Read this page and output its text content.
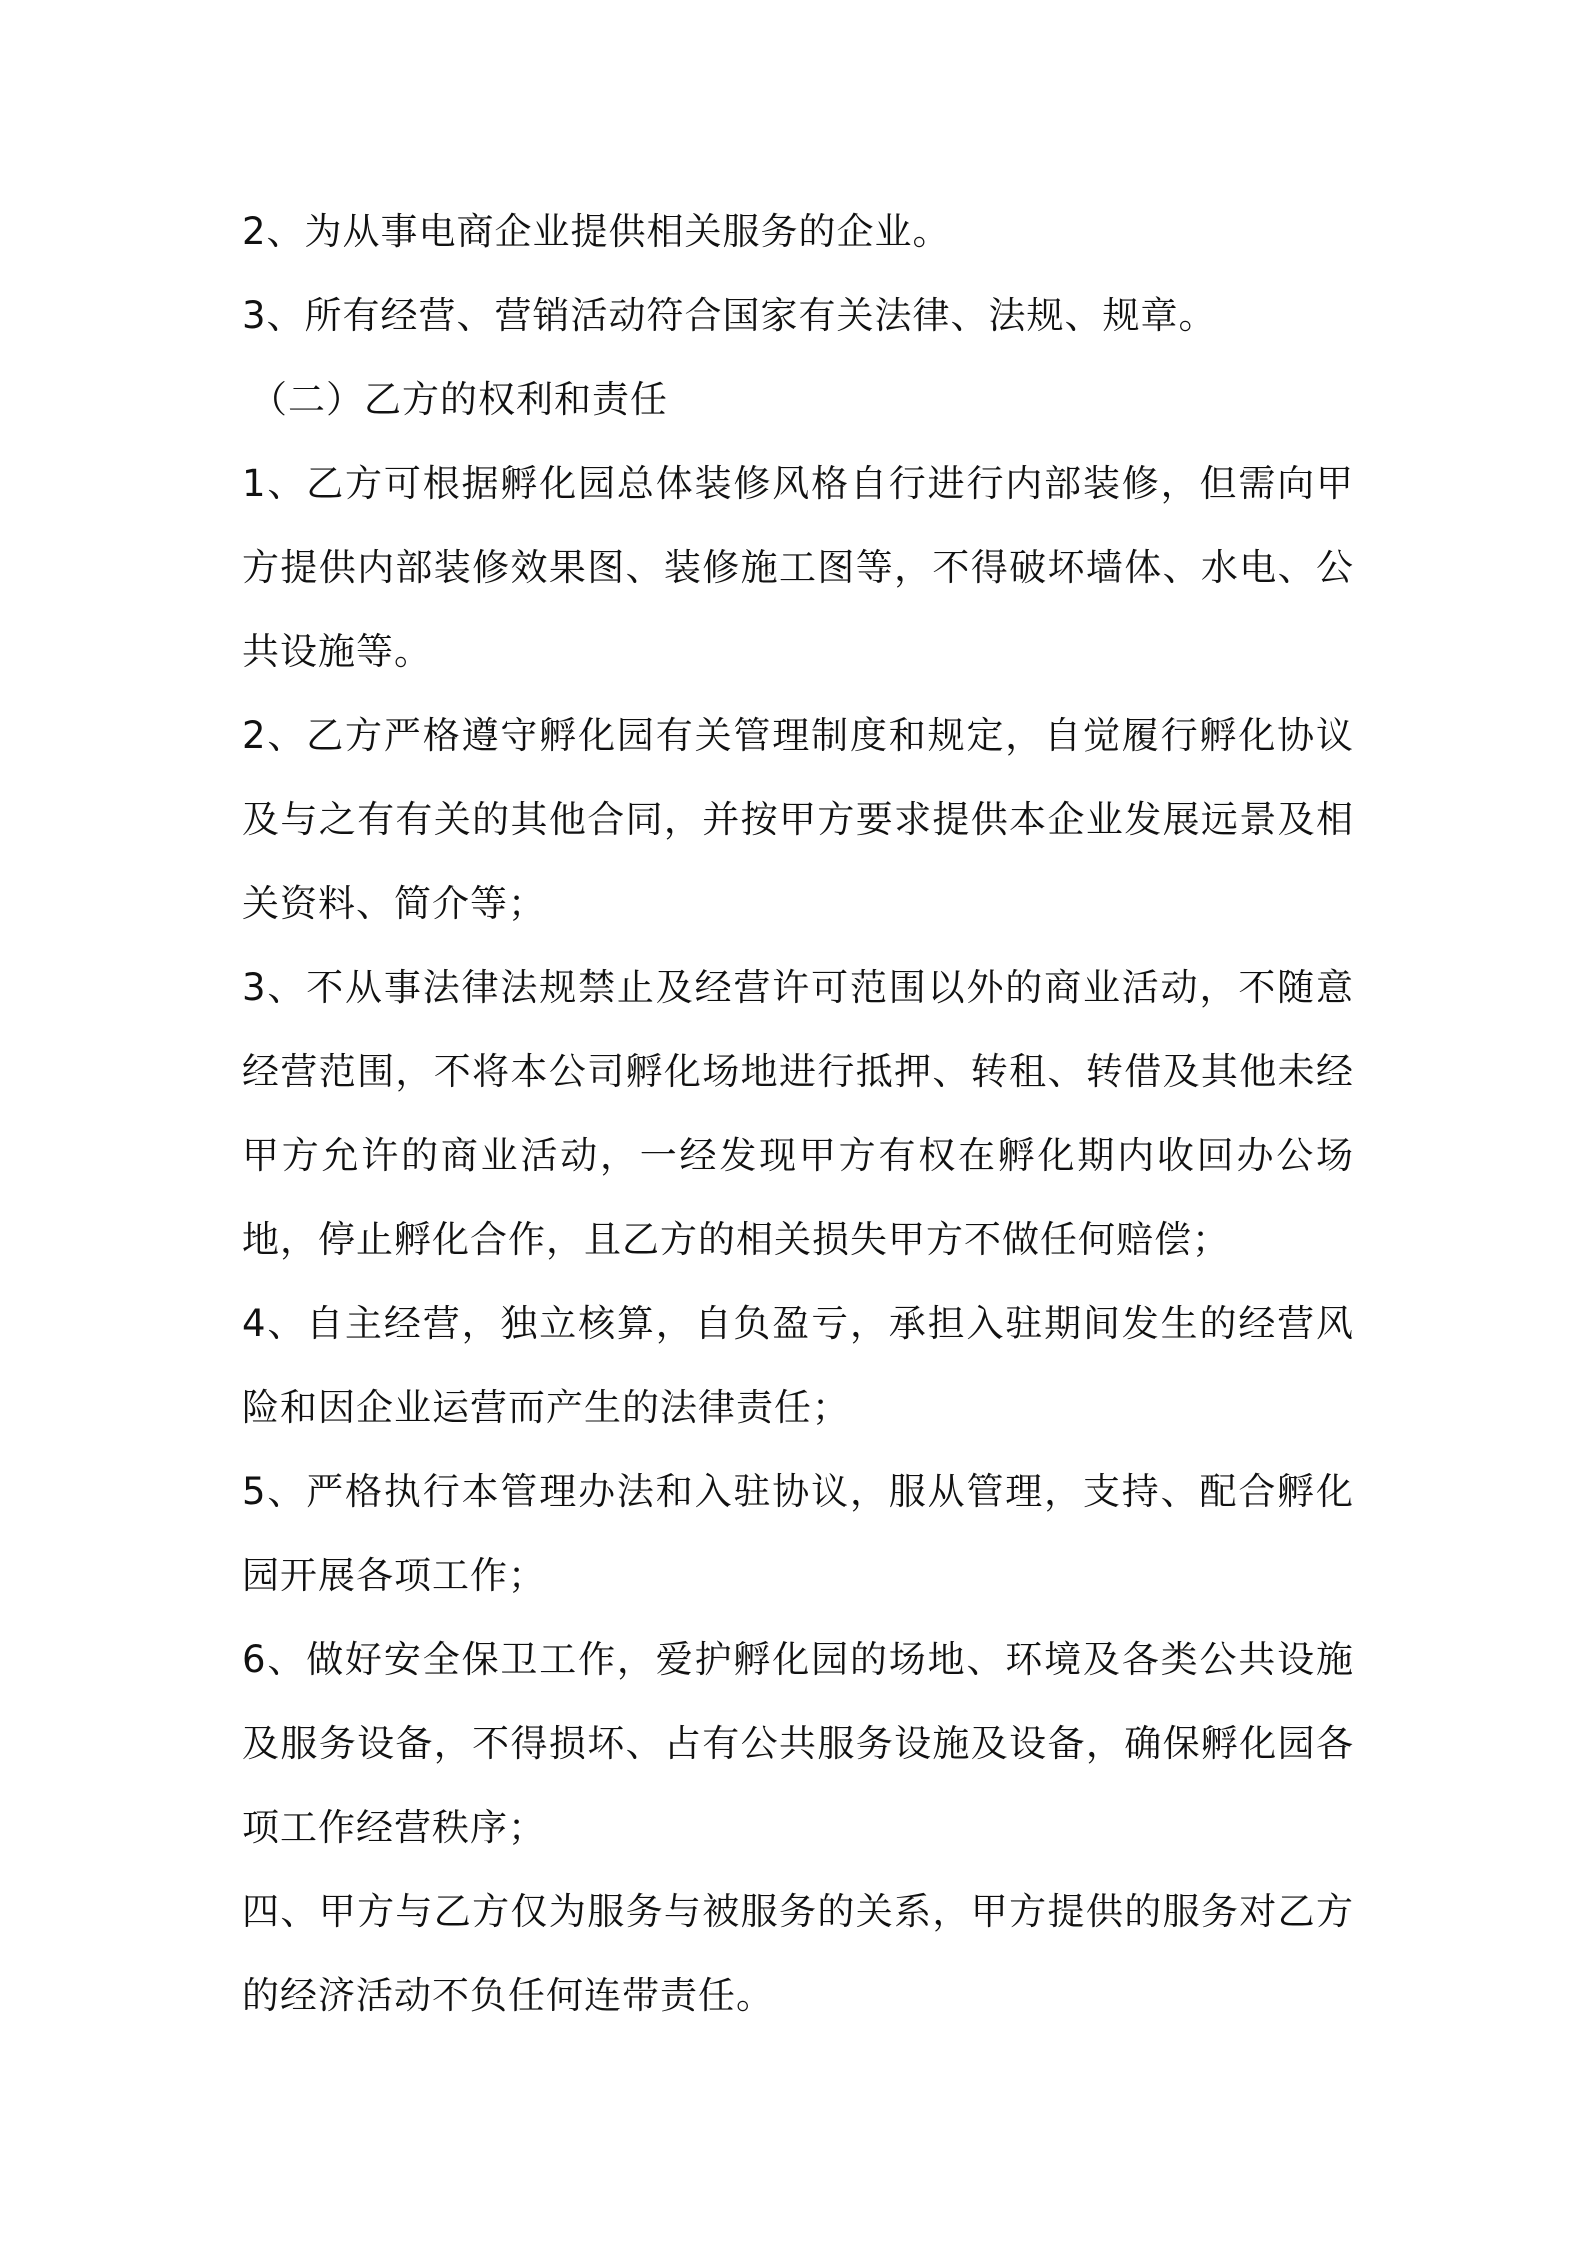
2、为从事电商企业提供相关服务的企业。

3、所有经营、营销活动符合国家有关法律、法规、规章。

（二）乙方的权利和责任

1、乙方可根据孵化园总体装修风格自行进行内部装修，但需向甲方提供内部装修效果图、装修施工图等，不得破坏墙体、水电、公共设施等。

2、乙方严格遵守孵化园有关管理制度和规定，自觉履行孵化协议及与之有有关的其他合同，并按甲方要求提供本企业发展远景及相关资料、简介等；

3、不从事法律法规禁止及经营许可范围以外的商业活动，不随意经营范围，不将本公司孵化场地进行抵押、转租、转借及其他未经甲方允许的商业活动，一经发现甲方有权在孵化期内收回办公场地，停止孵化合作，且乙方的相关损失甲方不做任何赔偿；

4、自主经营，独立核算，自负盈亏，承担入驻期间发生的经营风险和因企业运营而产生的法律责任；

5、严格执行本管理办法和入驻协议，服从管理，支持、配合孵化园开展各项工作；

6、做好安全保卫工作，爱护孵化园的场地、环境及各类公共设施及服务设备，不得损坏、占有公共服务设施及设备，确保孵化园各项工作经营秩序；

四、甲方与乙方仅为服务与被服务的关系，甲方提供的服务对乙方的经济活动不负任何连带责任。
